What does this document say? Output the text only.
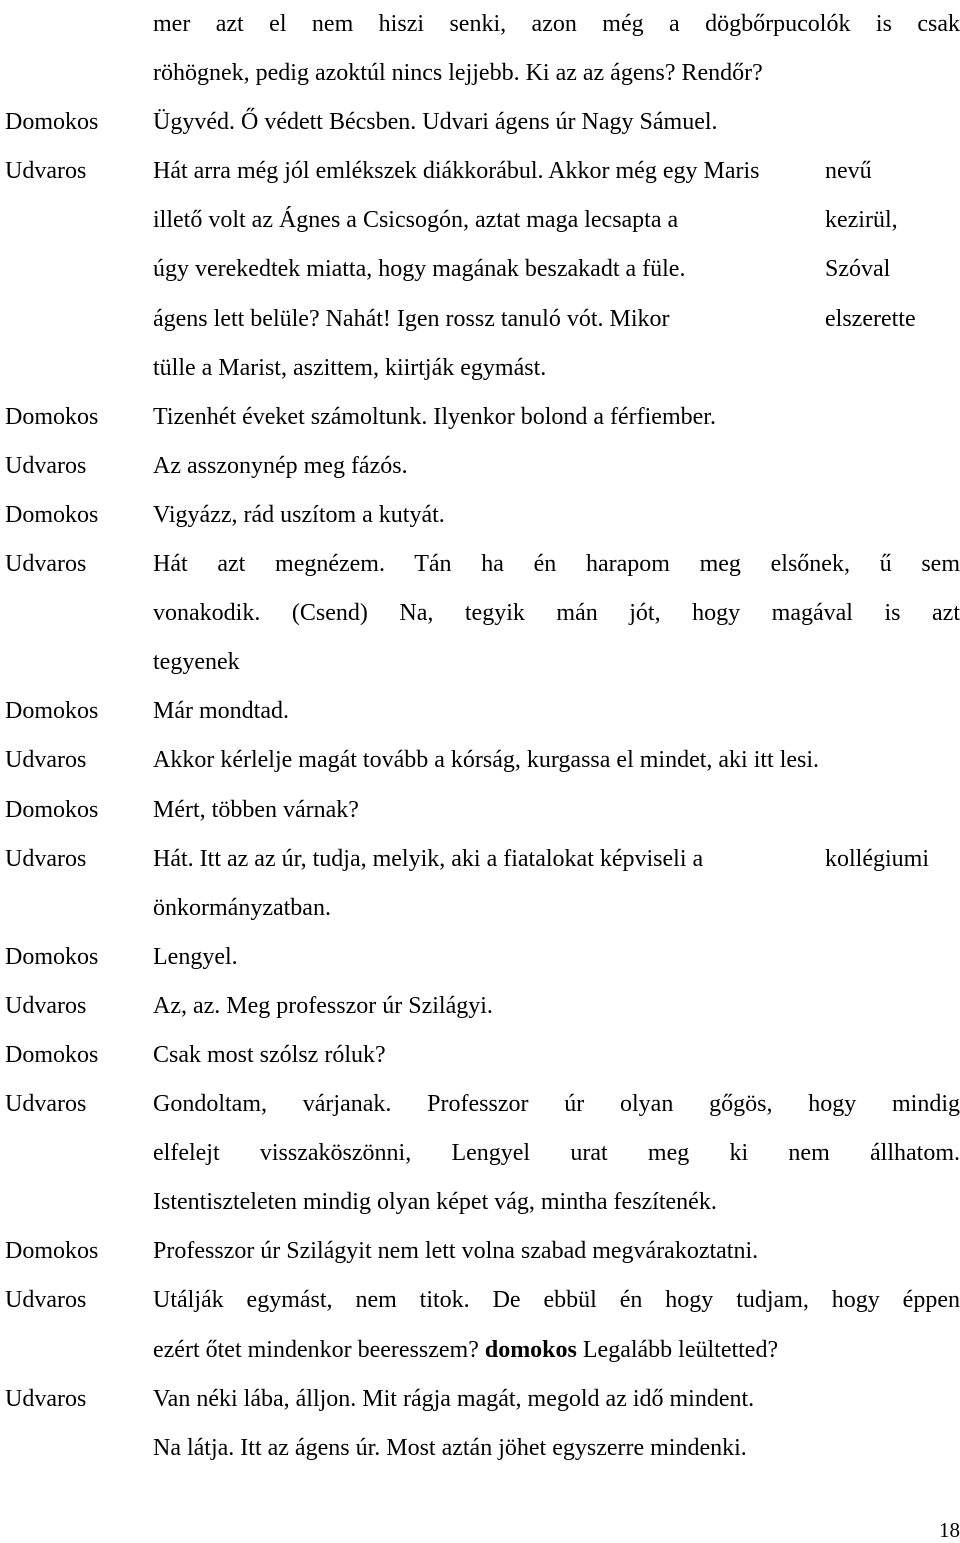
mer azt el nem hiszi senki, azon még a dögbőrpucolók is csak
röhögnek, pedig azoktúl nincs lejjebb. Ki az az ágens? Rendőr?
Domokos	Ügyvéd. Ő védett Bécsben. Udvari ágens úr Nagy Sámuel.
Udvaros	Hát arra még jól emlékszek diákkorábul. Akkor még egy Maris	nevű
illető volt az Ágnes a Csicsogón, aztat maga lecsapta a	kezirül,
úgy verekedtek miatta, hogy magának beszakadt a füle.	Szóval
ágens lett belüle? Nahát! Igen rossz tanuló vót. Mikor	elszerette
tülle a Marist, aszittem, kiirtják egymást.
Domokos	Tizenhét éveket számoltunk. Ilyenkor bolond a férfiember.
Udvaros	Az asszonynép meg fázós.
Domokos	Vigyázz, rád uszítom a kutyát.
Udvaros	Hát azt megnézem. Tán ha én harapom meg elsőnek, ű sem
vonakodik. (Csend) Na, tegyik mán jót, hogy magával is azt
tegyenek
Domokos	Már mondtad.
Udvaros	Akkor kérlelje magát tovább a kórság, kurgassa el mindet, aki itt lesi.
Domokos	Mért, többen várnak?
Udvaros	Hát. Itt az az úr, tudja, melyik, aki a fiatalokat képviseli a	kollégiumi
önkormányzatban.
Domokos	Lengyel.
Udvaros	Az, az. Meg professzor úr Szilágyi.
Domokos	Csak most szólsz róluk?
Udvaros	Gondoltam, várjanak. Professzor úr olyan gőgös, hogy mindig
elfelejt visszaköszönni, Lengyel urat meg ki nem állhatom.
Istentiszteleten mindig olyan képet vág, mintha feszítenék.
Domokos	Professzor úr Szilágyit nem lett volna szabad megvárakoztatni.
Udvaros	Utálják egymást, nem titok. De ebbül én hogy tudjam, hogy éppen
ezért őtet mindenkor beeresszem? domokos Legalább leültetted?
Udvaros	Van néki lába, álljon. Mit rágja magát, megold az idő mindent.
Na látja. Itt az ágens úr. Most aztán jöhet egyszerre mindenki.
18
